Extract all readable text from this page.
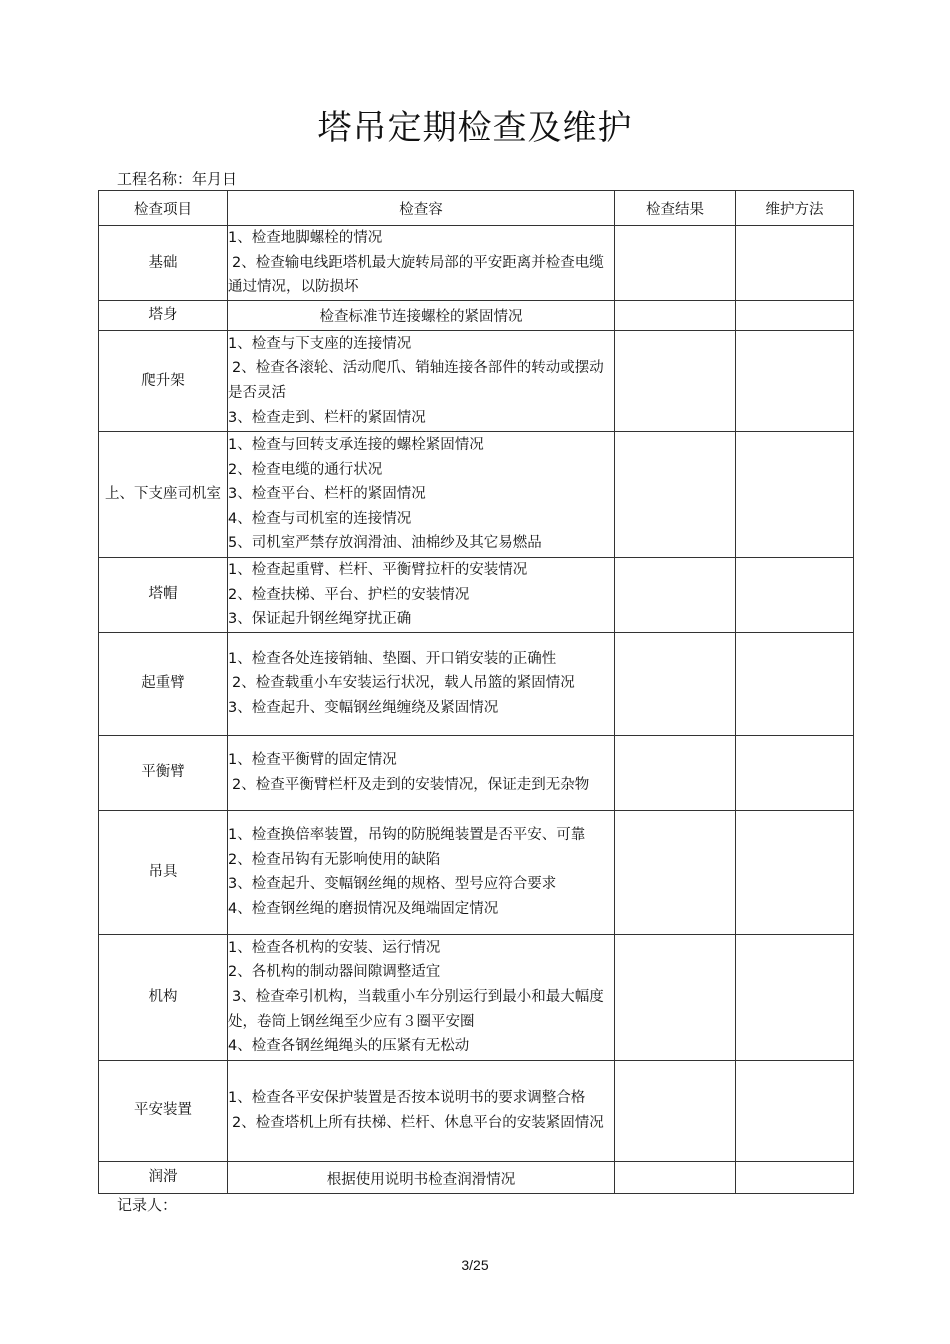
塔吊定期检查及维护
工程名称：年月日
检查项目	检查容	检查结果	维护方法
基础	1、检查地脚螺栓的情况
2、检查输电线距塔机最大旋转局部的平安距离并检查电缆通过情况，以防损坏		

塔身	检查标准节连接螺栓的紧固情况		

爬升架	1、检查与下支座的连接情况
2、检查各滚轮、活动爬爪、销轴连接各部件的转动或摆动是否灵活
3、检查走到、栏杆的紧固情况		

上、下支座司机室	1、检查与回转支承连接的螺栓紧固情况
2、检查电缆的通行状况
3、检查平台、栏杆的紧固情况
4、检查与司机室的连接情况
5、司机室严禁存放润滑油、油棉纱及其它易燃品		

塔帽	1、检查起重臂、栏杆、平衡臂拉杆的安装情况
2、检查扶梯、平台、护栏的安装情况
3、保证起升钢丝绳穿扰正确		

起重臂	1、检查各处连接销轴、垫圈、开口销安装的正确性
2、检查载重小车安装运行状况，载人吊篮的紧固情况
3、检查起升、变幅钢丝绳缠绕及紧固情况		

平衡臂	1、检查平衡臂的固定情况
2、检查平衡臂栏杆及走到的安装情况，保证走到无杂物		

吊具	1、检查换倍率装置，吊钩的防脱绳装置是否平安、可靠
2、检查吊钩有无影响使用的缺陷
3、检查起升、变幅钢丝绳的规格、型号应符合要求
4、检查钢丝绳的磨损情况及绳端固定情况		

机构	1、检查各机构的安装、运行情况
2、各机构的制动器间隙调整适宜
3、检查牵引机构，当载重小车分别运行到最小和最大幅度处，卷筒上钢丝绳至少应有３圈平安圈
4、检查各钢丝绳绳头的压紧有无松动		

平安装置	1、检查各平安保护装置是否按本说明书的要求调整合格
2、检查塔机上所有扶梯、栏杆、休息平台的安装紧固情况		

润滑	根据使用说明书检查润滑情况		

记录人：
3/25
